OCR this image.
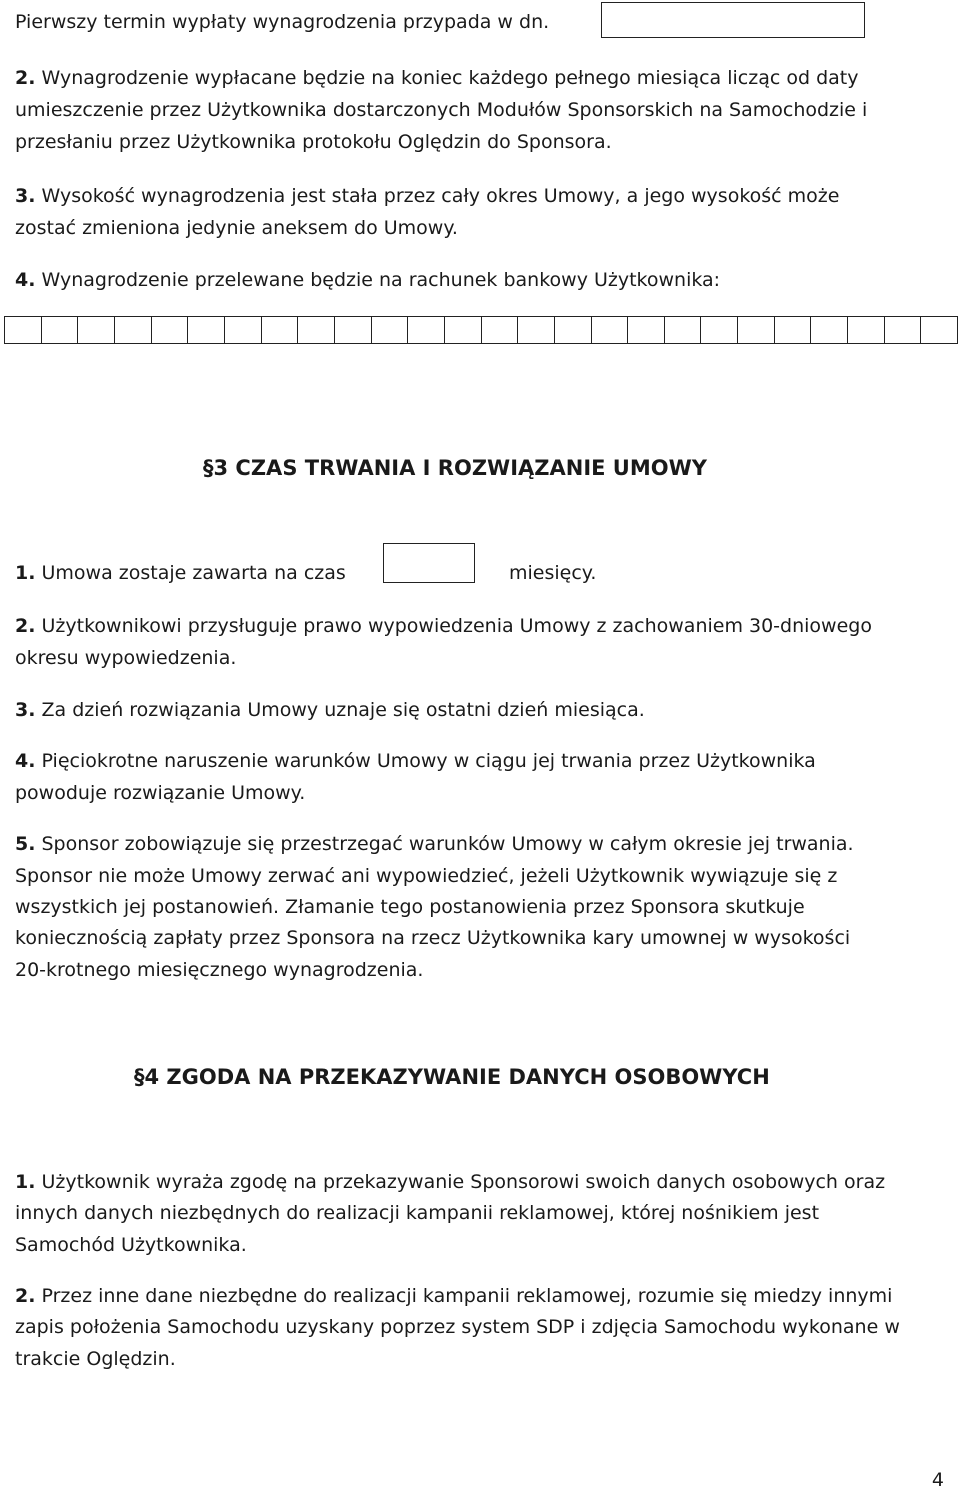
Pierwszy termin wypłaty wynagrodzenia przypada w dn.
2. Wynagrodzenie wypłacane będzie na koniec każdego pełnego miesiąca licząc od daty
umieszczenie przez Użytkownika dostarczonych Modułów Sponsorskich na Samochodzie i
przesłaniu przez Użytkownika protokołu Oględzin do Sponsora.
3. Wysokość wynagrodzenia jest stała przez cały okres Umowy, a jego wysokość może
zostać zmieniona jedynie aneksem do Umowy.
4. Wynagrodzenie przelewane będzie na rachunek bankowy Użytkownika:
§3 CZAS TRWANIA I ROZWIĄZANIE UMOWY
1. Umowa zostaje zawarta na czas	miesięcy.
2. Użytkownikowi przysługuje prawo wypowiedzenia Umowy z zachowaniem 30-dniowego
okresu wypowiedzenia.
3. Za dzień rozwiązania Umowy uznaje się ostatni dzień miesiąca.
4. Pięciokrotne naruszenie warunków Umowy w ciągu jej trwania przez Użytkownika
powoduje rozwiązanie Umowy.
5. Sponsor zobowiązuje się przestrzegać warunków Umowy w całym okresie jej trwania.
Sponsor nie może Umowy zerwać ani wypowiedzieć, jeżeli Użytkownik wywiązuje się z
wszystkich jej postanowień. Złamanie tego postanowienia przez Sponsora skutkuje
koniecznością zapłaty przez Sponsora na rzecz Użytkownika kary umownej w wysokości
20-krotnego miesięcznego wynagrodzenia.
§4 ZGODA NA PRZEKAZYWANIE DANYCH OSOBOWYCH
1. Użytkownik wyraża zgodę na przekazywanie Sponsorowi swoich danych osobowych oraz
innych danych niezbędnych do realizacji kampanii reklamowej, której nośnikiem jest
Samochód Użytkownika.
2. Przez inne dane niezbędne do realizacji kampanii reklamowej, rozumie się miedzy innymi
zapis położenia Samochodu uzyskany poprzez system SDP i zdjęcia Samochodu wykonane w
trakcie Oględzin.
4
